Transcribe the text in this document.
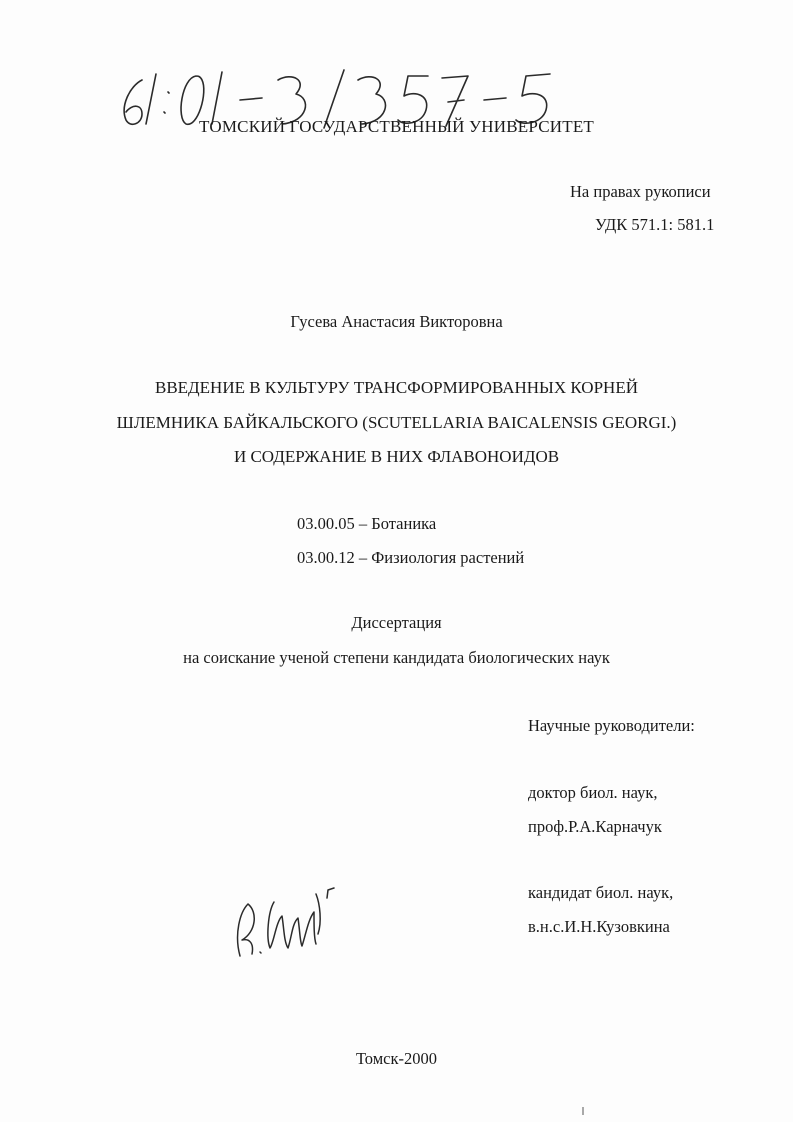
ТОМСКИЙ ГОСУДАРСТВЕННЫЙ УНИВЕРСИТЕТ
На правах рукописи
УДК 571.1: 581.1
Гусева Анастасия Викторовна
ВВЕДЕНИЕ В КУЛЬТУРУ ТРАНСФОРМИРОВАННЫХ КОРНЕЙ
ШЛЕМНИКА БАЙКАЛЬСКОГО (SCUTELLARIA BAICALENSIS GEORGI.)
И СОДЕРЖАНИЕ В НИХ ФЛАВОНОИДОВ
03.00.05 – Ботаника
03.00.12 – Физиология растений
Диссертация
на соискание ученой степени кандидата биологических наук
Научные руководители:
доктор биол. наук,
проф.Р.А.Карначук
кандидат биол. наук,
в.н.с.И.Н.Кузовкина
Томск-2000
